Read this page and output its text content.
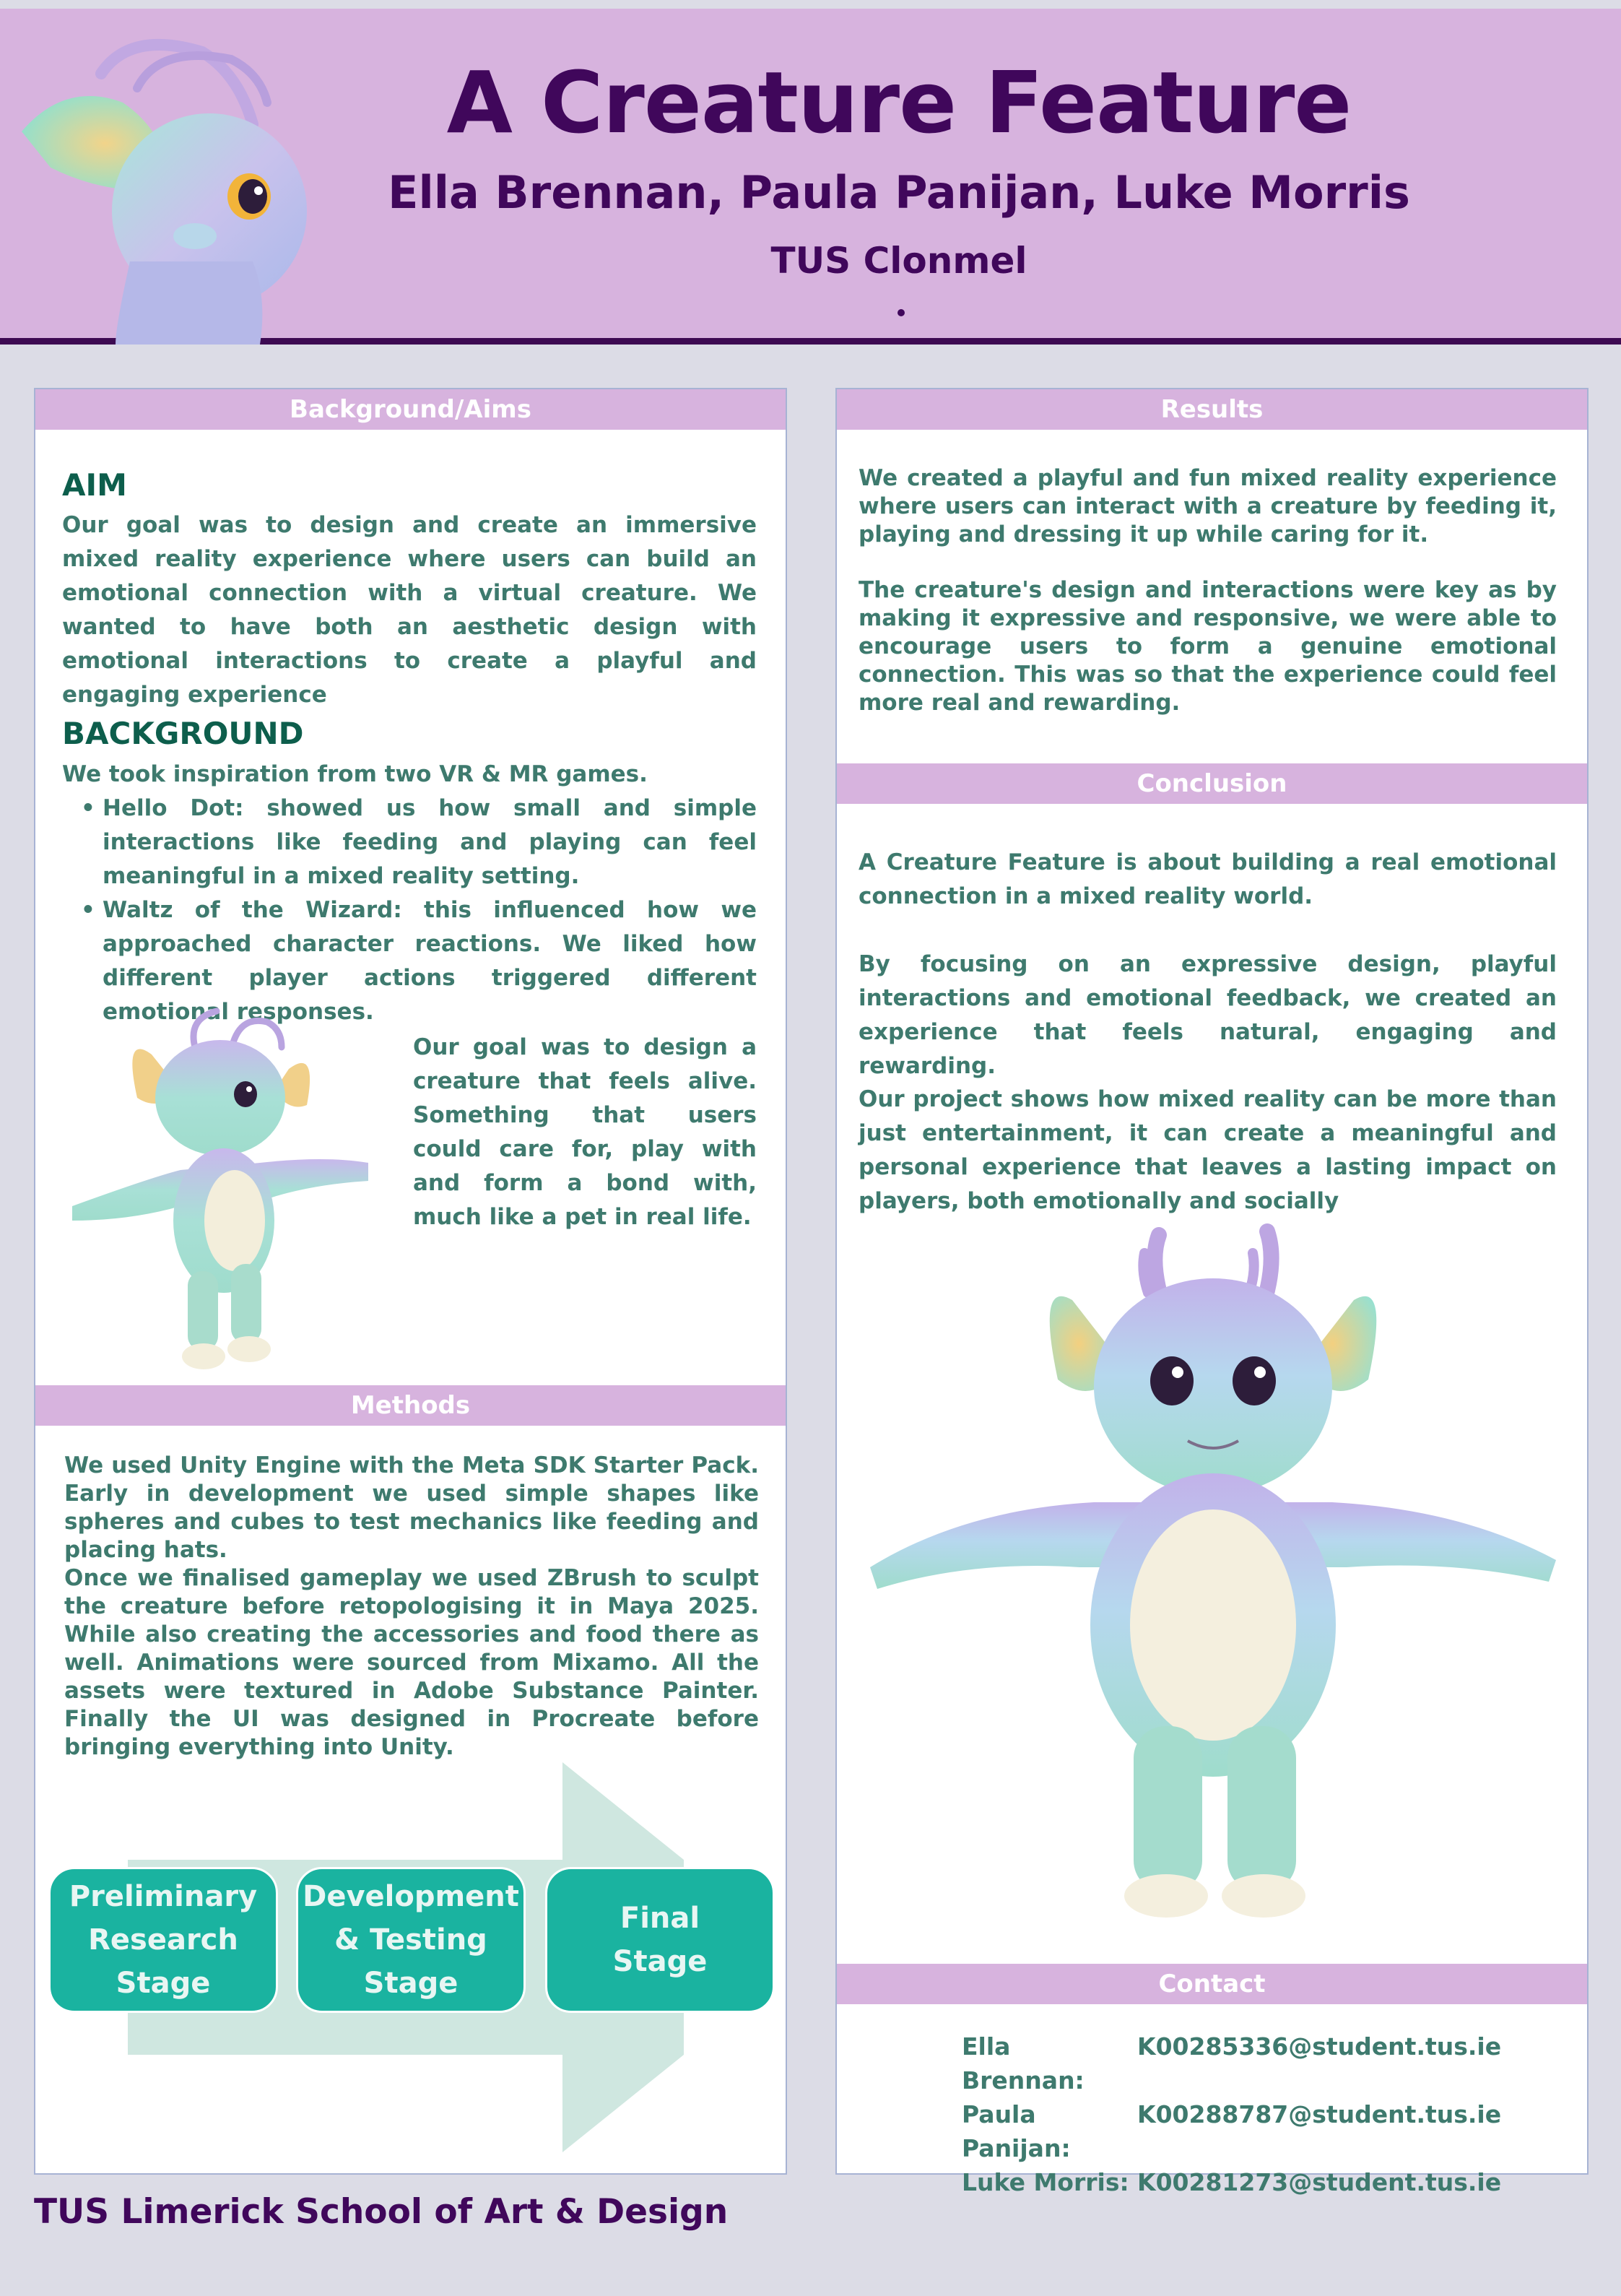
A Creature Feature
Ella Brennan, Paula Panijan, Luke Morris
TUS Clonmel
Background/Aims
AIM
Our goal was to design and create an immersive mixed reality experience where users can build an emotional connection with a virtual creature. We wanted to have both an aesthetic design with emotional interactions to create a playful and engaging experience
BACKGROUND
We took inspiration from two VR & MR games.
• Hello Dot: showed us how small and simple interactions like feeding and playing can feel meaningful in a mixed reality setting.
• Waltz of the Wizard: this influenced how we approached character reactions. We liked how different player actions triggered different emotional responses.
Our goal was to design a creature that feels alive. Something that users could care for, play with and form a bond with, much like a pet in real life.
Methods
We used Unity Engine with the Meta SDK Starter Pack. Early in development we used simple shapes like spheres and cubes to test mechanics like feeding and placing hats.
Once we finalised gameplay we used ZBrush to sculpt the creature before retopologising it in Maya 2025. While also creating the accessories and food there as well. Animations were sourced from Mixamo. All the assets were textured in Adobe Substance Painter. Finally the UI was designed in Procreate before bringing everything into Unity.
Preliminary
Research
Stage
Development
& Testing
Stage
Final
Stage
Results
We created a playful and fun mixed reality experience where users can interact with a creature by feeding it, playing and dressing it up while caring for it.
The creature's design and interactions were key as by making it expressive and responsive, we were able to encourage users to form a genuine emotional connection. This was so that the experience could feel more real and rewarding.
Conclusion
A Creature Feature is about building a real emotional connection in a mixed reality world.
By focusing on an expressive design, playful interactions and emotional feedback, we created an experience that feels natural, engaging and rewarding.
Our project shows how mixed reality can be more than just entertainment, it can create a meaningful and personal experience that leaves a lasting impact on players, both emotionally and socially
Contact
Ella Brennan:
K00285336@student.tus.ie
Paula Panijan:
K00288787@student.tus.ie
Luke Morris: K00281273@student.tus.ie
TUS Limerick School of Art & Design
